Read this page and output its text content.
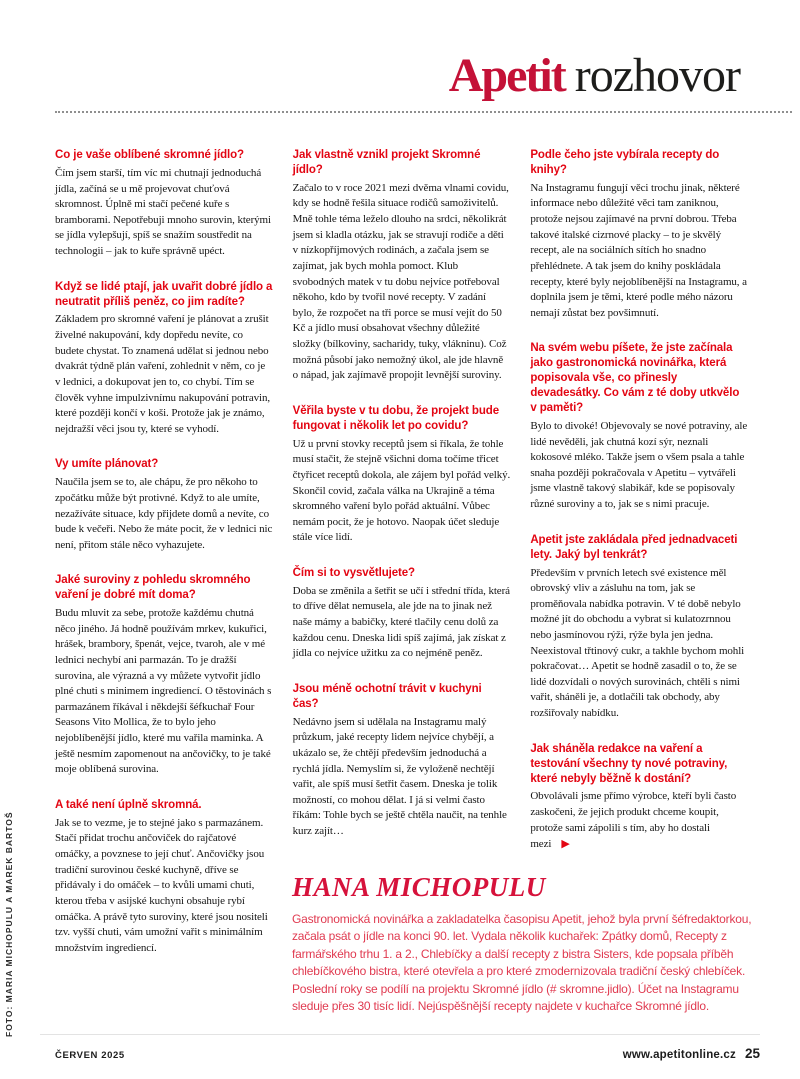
Apetit rozhovor
Co je vaše oblíbené skromné jídlo?

Čím jsem starší, tím víc mi chutnají jednoduchá jídla, začíná se u mě projevovat chuťová skromnost. Úplně mi stačí pečené kuře s bramborami. Nepotřebuji mnoho surovin, kterými se jídla vylepšují, spíš se snažím soustředit na technologii – jak to kuře správně upéct.

Když se lidé ptají, jak uvařit dobré jídlo a neutratit příliš peněz, co jim radíte?

Základem pro skromné vaření je plánovat a zrušit živelné nakupování, kdy dopředu nevíte, co budete chystat. To znamená udělat si jednou nebo dvakrát týdně plán vaření, zohlednit v něm, co je v lednici, a dokupovat jen to, co chybí. Tím se člověk vyhne impulzivnímu nakupování potravin, které později končí v koši. Protože jak je známo, nejdražší věci jsou ty, které se vyhodí.

Vy umíte plánovat?

Naučila jsem se to, ale chápu, že pro někoho to zpočátku může být protivné. Když to ale umíte, nezažíváte situace, kdy přijdete domů a nevíte, co bude k večeři. Nebo že máte pocit, že v lednici nic není, přitom stále něco vyhazujete.

Jaké suroviny z pohledu skromného vaření je dobré mít doma?

Budu mluvit za sebe, protože každému chutná něco jiného. Já hodně používám mrkev, kukuřici, hrášek, brambory, špenát, vejce, tvaroh, ale v mé lednici nechybí ani parmazán. To je dražší surovina, ale výrazná a vy můžete vytvořit jídlo plné chuti s minimem ingrediencí. O těstovinách s parmazánem říkával i někdejší šéfkuchař Four Seasons Vito Mollica, že to bylo jeho nejoblíbenější jídlo, které mu vařila maminka. A ještě nesmím zapomenout na ančovičky, to je také moje oblíbená surovina.

A také není úplně skromná.

Jak se to vezme, je to stejné jako s parmazánem. Stačí přidat trochu ančoviček do rajčatové omáčky, a povznese to její chuť. Ančovičky jsou tradiční surovinou české kuchyně, dříve se přidávaly i do omáček – to kvůli umami chuti, kterou třeba v asijské kuchyni obsahuje rybí omáčka. A právě tyto suroviny, které jsou nositeli tzv. vyšší chuti, vám umožní vařit s minimálním množstvím ingrediencí.

Jak vlastně vznikl projekt Skromné jídlo?

Začalo to v roce 2021 mezi dvěma vlnami covidu, kdy se hodně řešila situace rodičů samoživitelů. Mně tohle téma leželo dlouho na srdci, několikrát jsem si kladla otázku, jak se stravují rodiče a děti v nízkopříjmových rodinách, a začala jsem se zajímat, jak bych mohla pomoct. Klub svobodných matek v tu dobu nejvíce potřeboval někoho, kdo by tvořil nové recepty. V zadání bylo, že rozpočet na tři porce se musí vejít do 50 Kč a jídlo musí obsahovat všechny důležité složky (bílkoviny, sacharidy, tuky, vlákninu). Což možná působí jako nemožný úkol, ale jde hlavně o nápad, jak zajímavě propojit levnější suroviny.

Věřila byste v tu dobu, že projekt bude fungovat i několik let po covidu?

Už u první stovky receptů jsem si říkala, že tohle musí stačit, že stejně všichni doma točíme třicet čtyřicet receptů dokola, ale zájem byl pořád velký. Skončil covid, začala válka na Ukrajině a téma skromného vaření bylo pořád aktuální. Vůbec nemám pocit, že je hotovo. Naopak účet sleduje stále více lidí.

Čím si to vysvětlujete?

Doba se změnila a šetřit se učí i střední třída, která to dříve dělat nemusela, ale jde na to jinak než naše mámy a babičky, které tlačily cenu dolů za každou cenu. Dneska lidi spíš zajímá, jak získat z jídla co nejvíce užitku za co nejméně peněz.

Jsou méně ochotní trávit v kuchyni čas?

Nedávno jsem si udělala na Instagramu malý průzkum, jaké recepty lidem nejvíce chybějí, a ukázalo se, že chtějí především jednoduchá a rychlá jídla. Nemyslím si, že vyloženě nechtějí vařit, ale spíš musí šetřit časem. Dneska je tolik možností, co mohou dělat. I já si velmi často říkám: Tohle bych se ještě chtěla naučit, na tenhle kurz zajít…

Podle čeho jste vybírala recepty do knihy?

Na Instagramu fungují věci trochu jinak, některé informace nebo důležité věci tam zaniknou, protože nejsou zajímavé na první dobrou. Třeba takové italské cizrnové placky – to je skvělý recept, ale na sociálních sítích ho snadno přehlédnete. A tak jsem do knihy poskládala recepty, které byly nejoblíbenější na Instagramu, a doplnila jsem je těmi, které podle mého názoru nemají zůstat bez povšimnutí.

Na svém webu píšete, že jste začínala jako gastronomická novinářka, která popisovala vše, co přinesly devadesátky. Co vám z té doby utkvělo v paměti?

Bylo to divoké! Objevovaly se nové potraviny, ale lidé nevěděli, jak chutná kozí sýr, neznali kokosové mléko. Takže jsem o všem psala a tahle snaha později pokračovala v Apetitu – vytvářeli jsme vlastně takový slabikář, kde se popisovaly různé suroviny a to, jak se s nimi pracuje.

Apetit jste zakládala před jednadvaceti lety. Jaký byl tenkrát?

Především v prvních letech své existence měl obrovský vliv a zásluhu na tom, jak se proměňovala nabídka potravin. V té době nebylo možné jít do obchodu a vybrat si kulatozrnnou nebo jasmínovou rýži, rýže byla jen jedna. Neexistoval třtinový cukr, a takhle bychom mohli pokračovat… Apetit se hodně zasadil o to, že se lidé dozvídali o nových surovinách, chtěli s nimi vařit, sháněli je, a dotlačili tak obchody, aby rozšiřovaly nabídku.

Jak sháněla redakce na vaření a testování všechny ty nové potraviny, které nebyly běžně k dostání?

Obvolávali jsme přímo výrobce, kteří byli často zaskočeni, že jejich produkt chceme koupit, protože sami zápolili s tím, aby ho dostali mezi ▶

HANA MICHOPULU

Gastronomická novinářka a zakladatelka časopisu Apetit, jehož byla první šéfredaktorkou, začala psát o jídle na konci 90. let. Vydala několik kuchařek: Zpátky domů, Recepty z farmářského trhu 1. a 2., Chlebíčky a další recepty z bistra Sisters, kde popsala příběh chlebíčkového bistra, které otevřela a pro které zmodernizovala tradiční český chlebíček. Poslední roky se podílí na projektu Skromné jídlo (# skromne.jidlo). Účet na Instagramu sleduje přes 30 tisíc lidí. Nejúspěšnější recepty najdete v kuchařce Skromné jídlo.

FOTO: MARIA MICHOPULU A MAREK BARTOŠ
ČERVEN 2025	www.apetitonline.cz 25
